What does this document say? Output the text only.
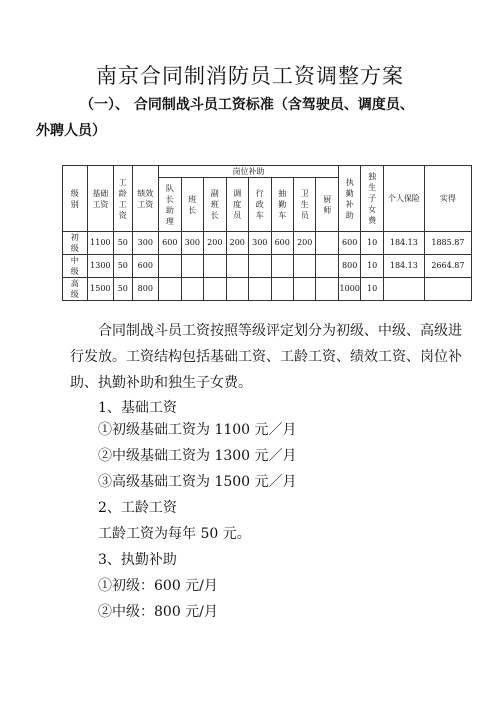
南京合同制消防员工资调整方案
（一）、 合同制战斗员工资标准（含驾驶员、调度员、
外聘人员）
级别	基础工资	工龄工资	绩效工资	岗位补助								执勤补助	独生子女费	个人保险	实得
				队长助理	班长	副班长	调度员	行政车	抽勤车	卫生员	厨师				
初级	1100	50	300	600	300	200	200	300	600	200		600	10	184.13	1885.87
中级	1300	50	600									800	10	184.13	2664.87
高级	1500	50	800									1000	10		
合同制战斗员工资按照等级评定划分为初级、中级、高级进行发放。工资结构包括基础工资、工龄工资、绩效工资、岗位补助、执勤补助和独生子女费。
1、基础工资
①初级基础工资为 1100 元／月
②中级基础工资为 1300 元／月
③高级基础工资为 1500 元／月
2、工龄工资
工龄工资为每年 50 元。
3、执勤补助
①初级：600 元/月
②中级：800 元/月
